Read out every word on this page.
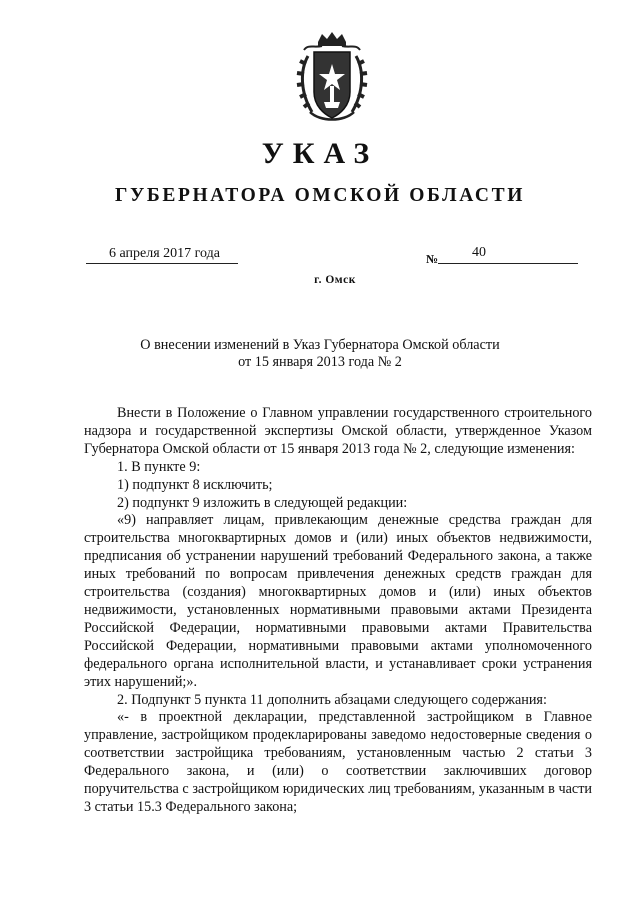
УКАЗ
ГУБЕРНАТОРА ОМСКОЙ ОБЛАСТИ
6 апреля 2017 года	№	40
г. Омск
О внесении изменений в Указ Губернатора Омской области
от 15 января 2013 года № 2

Внести в Положение о Главном управлении государственного строительного надзора и государственной экспертизы Омской области, утвержденное Указом Губернатора Омской области от 15 января 2013 года № 2, следующие изменения:

1. В пункте 9:

1) подпункт 8 исключить;

2) подпункт 9 изложить в следующей редакции:

«9) направляет лицам, привлекающим денежные средства граждан для строительства многоквартирных домов и (или) иных объектов недвижимости, предписания об устранении нарушений требований Федерального закона, а также иных требований по вопросам привлечения денежных средств граждан для строительства (создания) многоквартирных домов и (или) иных объектов недвижимости, установленных нормативными правовыми актами Президента Российской Федерации, нормативными правовыми актами Правительства Российской Федерации, нормативными правовыми актами уполномоченного федерального органа исполнительной власти, и устанавливает сроки устранения этих нарушений;».

2. Подпункт 5 пункта 11 дополнить абзацами следующего содержания:

«- в проектной декларации, представленной застройщиком в Главное управление, застройщиком продекларированы заведомо недостоверные сведения о соответствии застройщика требованиям, установленным частью 2 статьи 3 Федерального закона, и (или) о соответствии заключивших договор поручительства с застройщиком юридических лиц требованиям, указанным в части 3 статьи 15.3 Федерального закона;
